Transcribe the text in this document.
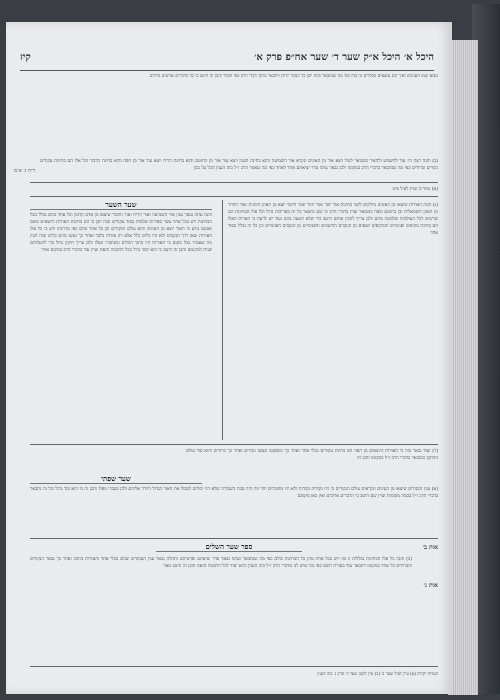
היכל א׳ היכל א״ק שער ד׳ שער אח״פ פרק א׳
קיז
ד״ה ג׳ א״מ
מבוא שמו הענינים ואיך הם נמצאים ונכללים זה בזה כפי מה שנתבאר ובזה יובן כל הנזכר להלן ויתבאר מתוך דברי הרב כפי הסדר והבן זה היטב כי כל הדברים שרשים גדולים
(ב) והנה רצה הי׳ עוד להשפיע ולהאיר כמבואר לעיל ויצא אור מן האזנים ונקרא אור השמיעה והוא בחינת הענין ויצא עוד אור מן החוטם והוא בחינת הריח ויצא עוד אור מן הפה והוא בחינת הדבור וכל אלו הם בחינות עקודים נקודים וברודים כפי מה שנתבאר בדברי הרב במקומו ולכן נבאר עתה סדר יציאתם אחד לאחד כפי מה שאמר הרב ז״ל בזה הענין הכל על נכון
(א) מהד״ב ועיין לעיל פ״ב
שער השער
והנה עתה נבאר ענין אור השמיעה ואור הריח ואור הדבור שיצאו מן אדם קדמון וכל אחד מהם נכלל מכל הבחינות ויש בכל אחד עשר ספירות שלמות בסוד עקודים ובזה יובן כי הם בחינות האורות היוצאים משם ואמנם נודע כי האור יוצא מן העינים והוא עולם הנקודים וכן כל אחד מהם כפי מדרגתו ודע כי כל אלו האורות יצאו דרך הנקבים ולא היו כלים כלל אלא רק אורות בלבד ואחר כך נעשו מהם כלים ובזה תבין מה שאמרו בכל מקום כי האורות היו בתוך הכלים ונשתברו ונפלו ולכן צריך תיקון גדול כדי להעלותם שנית למקומם והבן זה היטב כי הוא יסוד גדול בכל החכמה הזאת ועיין עוד בדברי הרב במקום אחר
(ג) והנה האורות שיצאו מן האזנים נחלקים לשני בחינות אור ישר ואור חוזר ואור הישר יוצא מן האוזן הימנית ואור החוזר מן האוזן השמאלית וכן בחוטם ובפה כמבואר ועיין בדברי הרב כי שם נתבאר כל זה באריכות גדול וכל אלו הבחינות הם שרשים לכל העולמות שלמטה מהם ולכן צריך להבין אותם היטב כדי שלא תטעה בהם ועוד יש לדעת כי הארות האלו הם בחינת מקיפים ופנימיים והמקיפים יוצאים מן הנקבים החיצונים והפנימיים מן הנקבים הפנימיים וכן כל זה נכלל בסוד אחד
(ד) ועוד נבאר בזה כי האורות היוצאים מן הפה הם בחינת עקודים בכלי אחד ואחר כך נתפשטו ונעשו נקודים ואחר כך ברודים והוא סוד עולם התיקון כמבואר בדברי הרב ז״ל במקומו והבן זה
שער שפתי
(א) ענין הנקודים שיצאו מן העינים ונקראים עולם הנקודים כי היו נקודות נקודות ולא היו מחוברים יחד וזה היה סבת השבירה שלא היו יכולים לסבול את האור הגדול היורד אליהם ולכן נשברו ונפלו והבן זה כי הוא סוד גדול וכל זה נתבאר בדברי הרב ז״ל בכמה מקומות ועיין שם היטב כי הדברים ארוכים ואין כאן מקומם
ספר שער השלים	אות ב׳
אות ג׳
(ב) והנה כל אלו הבחינות נכללות זו בזו ויש בכל אחת מהן כל הבחינות כולם כפי מה שנתבאר ועתה נבאר סדר יציאתם ופרטיהם ותחלה נבאר ענין העקודים שהם בכלי אחד והאורות בתוכו ואחר כך נבאר הנקודים והברודים כל אחד במקומו ויתבאר עוד בעזרת השם כפי מה שיש לנו מדברי הרב ז״ל בזה הענין והוא יסוד לכל החכמה הזאת והבן זה היטב מאד
הערות יקרות (א) עיין לעיל שער ב׳ (ב) עיין לקמן שער ה׳ פרק ג׳ בזה הענין
